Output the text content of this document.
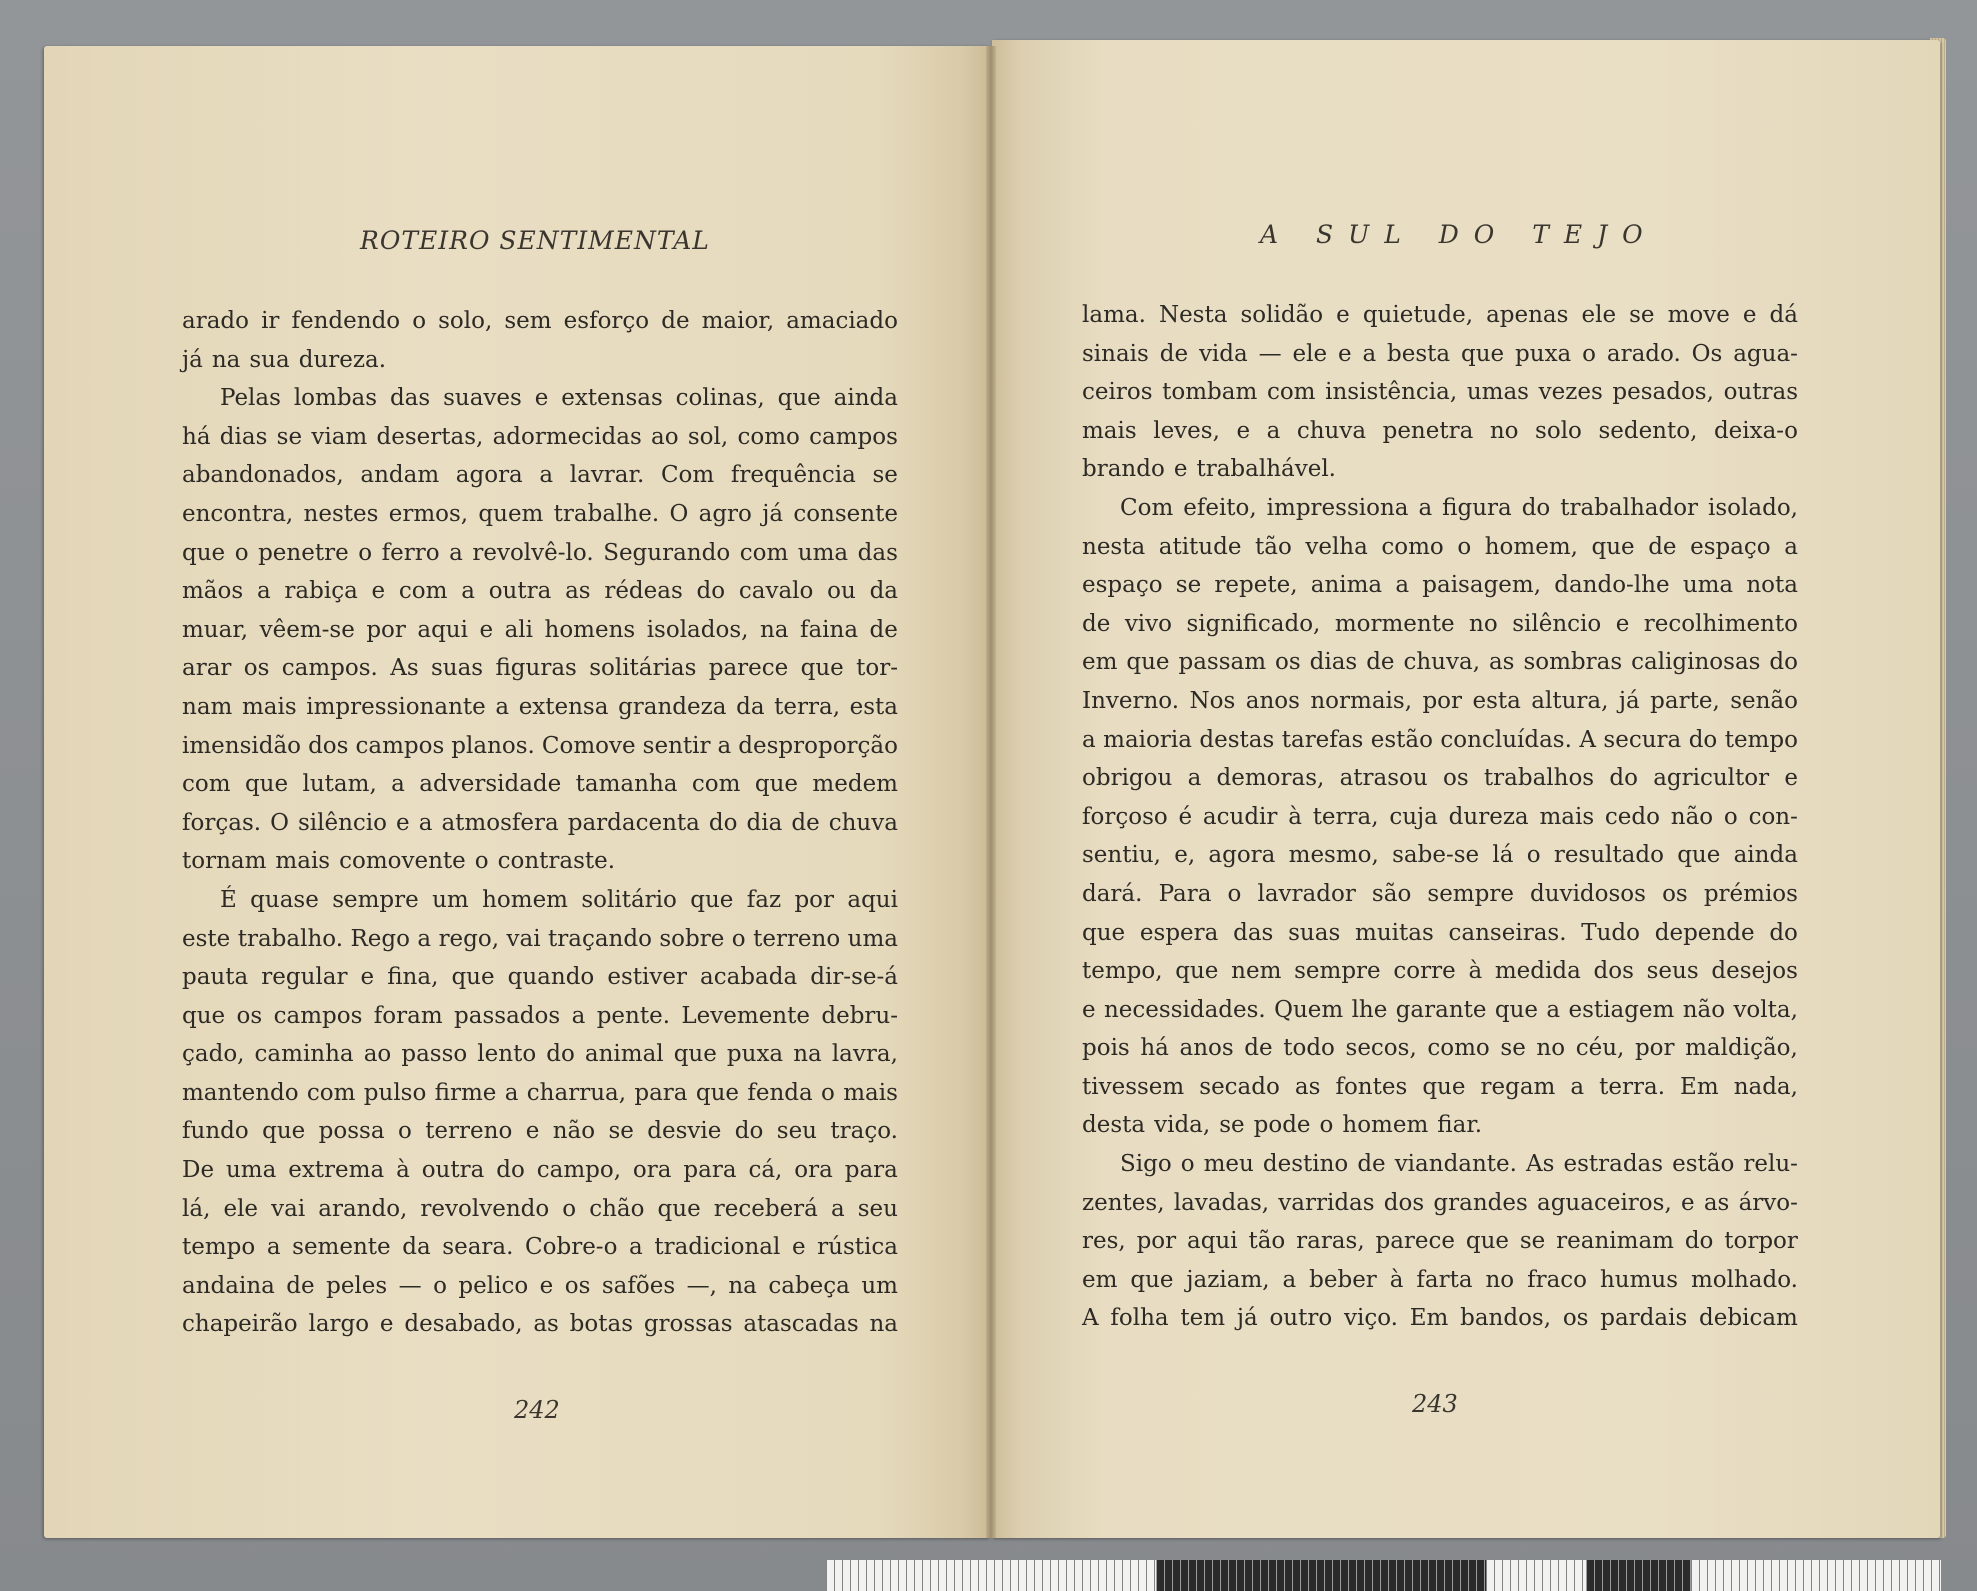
ROTEIRO SENTIMENTAL
arado ir fendendo o solo, sem esforço de maior, amaciado
já na sua dureza.
Pelas lombas das suaves e extensas colinas, que ainda
há dias se viam desertas, adormecidas ao sol, como campos
abandonados, andam agora a lavrar. Com frequência se
encontra, nestes ermos, quem trabalhe. O agro já consente
que o penetre o ferro a revolvê-lo. Segurando com uma das
mãos a rabiça e com a outra as rédeas do cavalo ou da
muar, vêem-se por aqui e ali homens isolados, na faina de
arar os campos. As suas figuras solitárias parece que tor-
nam mais impressionante a extensa grandeza da terra, esta
imensidão dos campos planos. Comove sentir a desproporção
com que lutam, a adversidade tamanha com que medem
forças. O silêncio e a atmosfera pardacenta do dia de chuva
tornam mais comovente o contraste.
É quase sempre um homem solitário que faz por aqui
este trabalho. Rego a rego, vai traçando sobre o terreno uma
pauta regular e fina, que quando estiver acabada dir-se-á
que os campos foram passados a pente. Levemente debru-
çado, caminha ao passo lento do animal que puxa na lavra,
mantendo com pulso firme a charrua, para que fenda o mais
fundo que possa o terreno e não se desvie do seu traço.
De uma extrema à outra do campo, ora para cá, ora para
lá, ele vai arando, revolvendo o chão que receberá a seu
tempo a semente da seara. Cobre-o a tradicional e rústica
andaina de peles — o pelico e os safões —, na cabeça um
chapeirão largo e desabado, as botas grossas atascadas na
242
A SUL DO TEJO
lama. Nesta solidão e quietude, apenas ele se move e dá
sinais de vida — ele e a besta que puxa o arado. Os agua-
ceiros tombam com insistência, umas vezes pesados, outras
mais leves, e a chuva penetra no solo sedento, deixa-o
brando e trabalhável.
Com efeito, impressiona a figura do trabalhador isolado,
nesta atitude tão velha como o homem, que de espaço a
espaço se repete, anima a paisagem, dando-lhe uma nota
de vivo significado, mormente no silêncio e recolhimento
em que passam os dias de chuva, as sombras caliginosas do
Inverno. Nos anos normais, por esta altura, já parte, senão
a maioria destas tarefas estão concluídas. A secura do tempo
obrigou a demoras, atrasou os trabalhos do agricultor e
forçoso é acudir à terra, cuja dureza mais cedo não o con-
sentiu, e, agora mesmo, sabe-se lá o resultado que ainda
dará. Para o lavrador são sempre duvidosos os prémios
que espera das suas muitas canseiras. Tudo depende do
tempo, que nem sempre corre à medida dos seus desejos
e necessidades. Quem lhe garante que a estiagem não volta,
pois há anos de todo secos, como se no céu, por maldição,
tivessem secado as fontes que regam a terra. Em nada,
desta vida, se pode o homem fiar.
Sigo o meu destino de viandante. As estradas estão relu-
zentes, lavadas, varridas dos grandes aguaceiros, e as árvo-
res, por aqui tão raras, parece que se reanimam do torpor
em que jaziam, a beber à farta no fraco humus molhado.
A folha tem já outro viço. Em bandos, os pardais debicam
243
